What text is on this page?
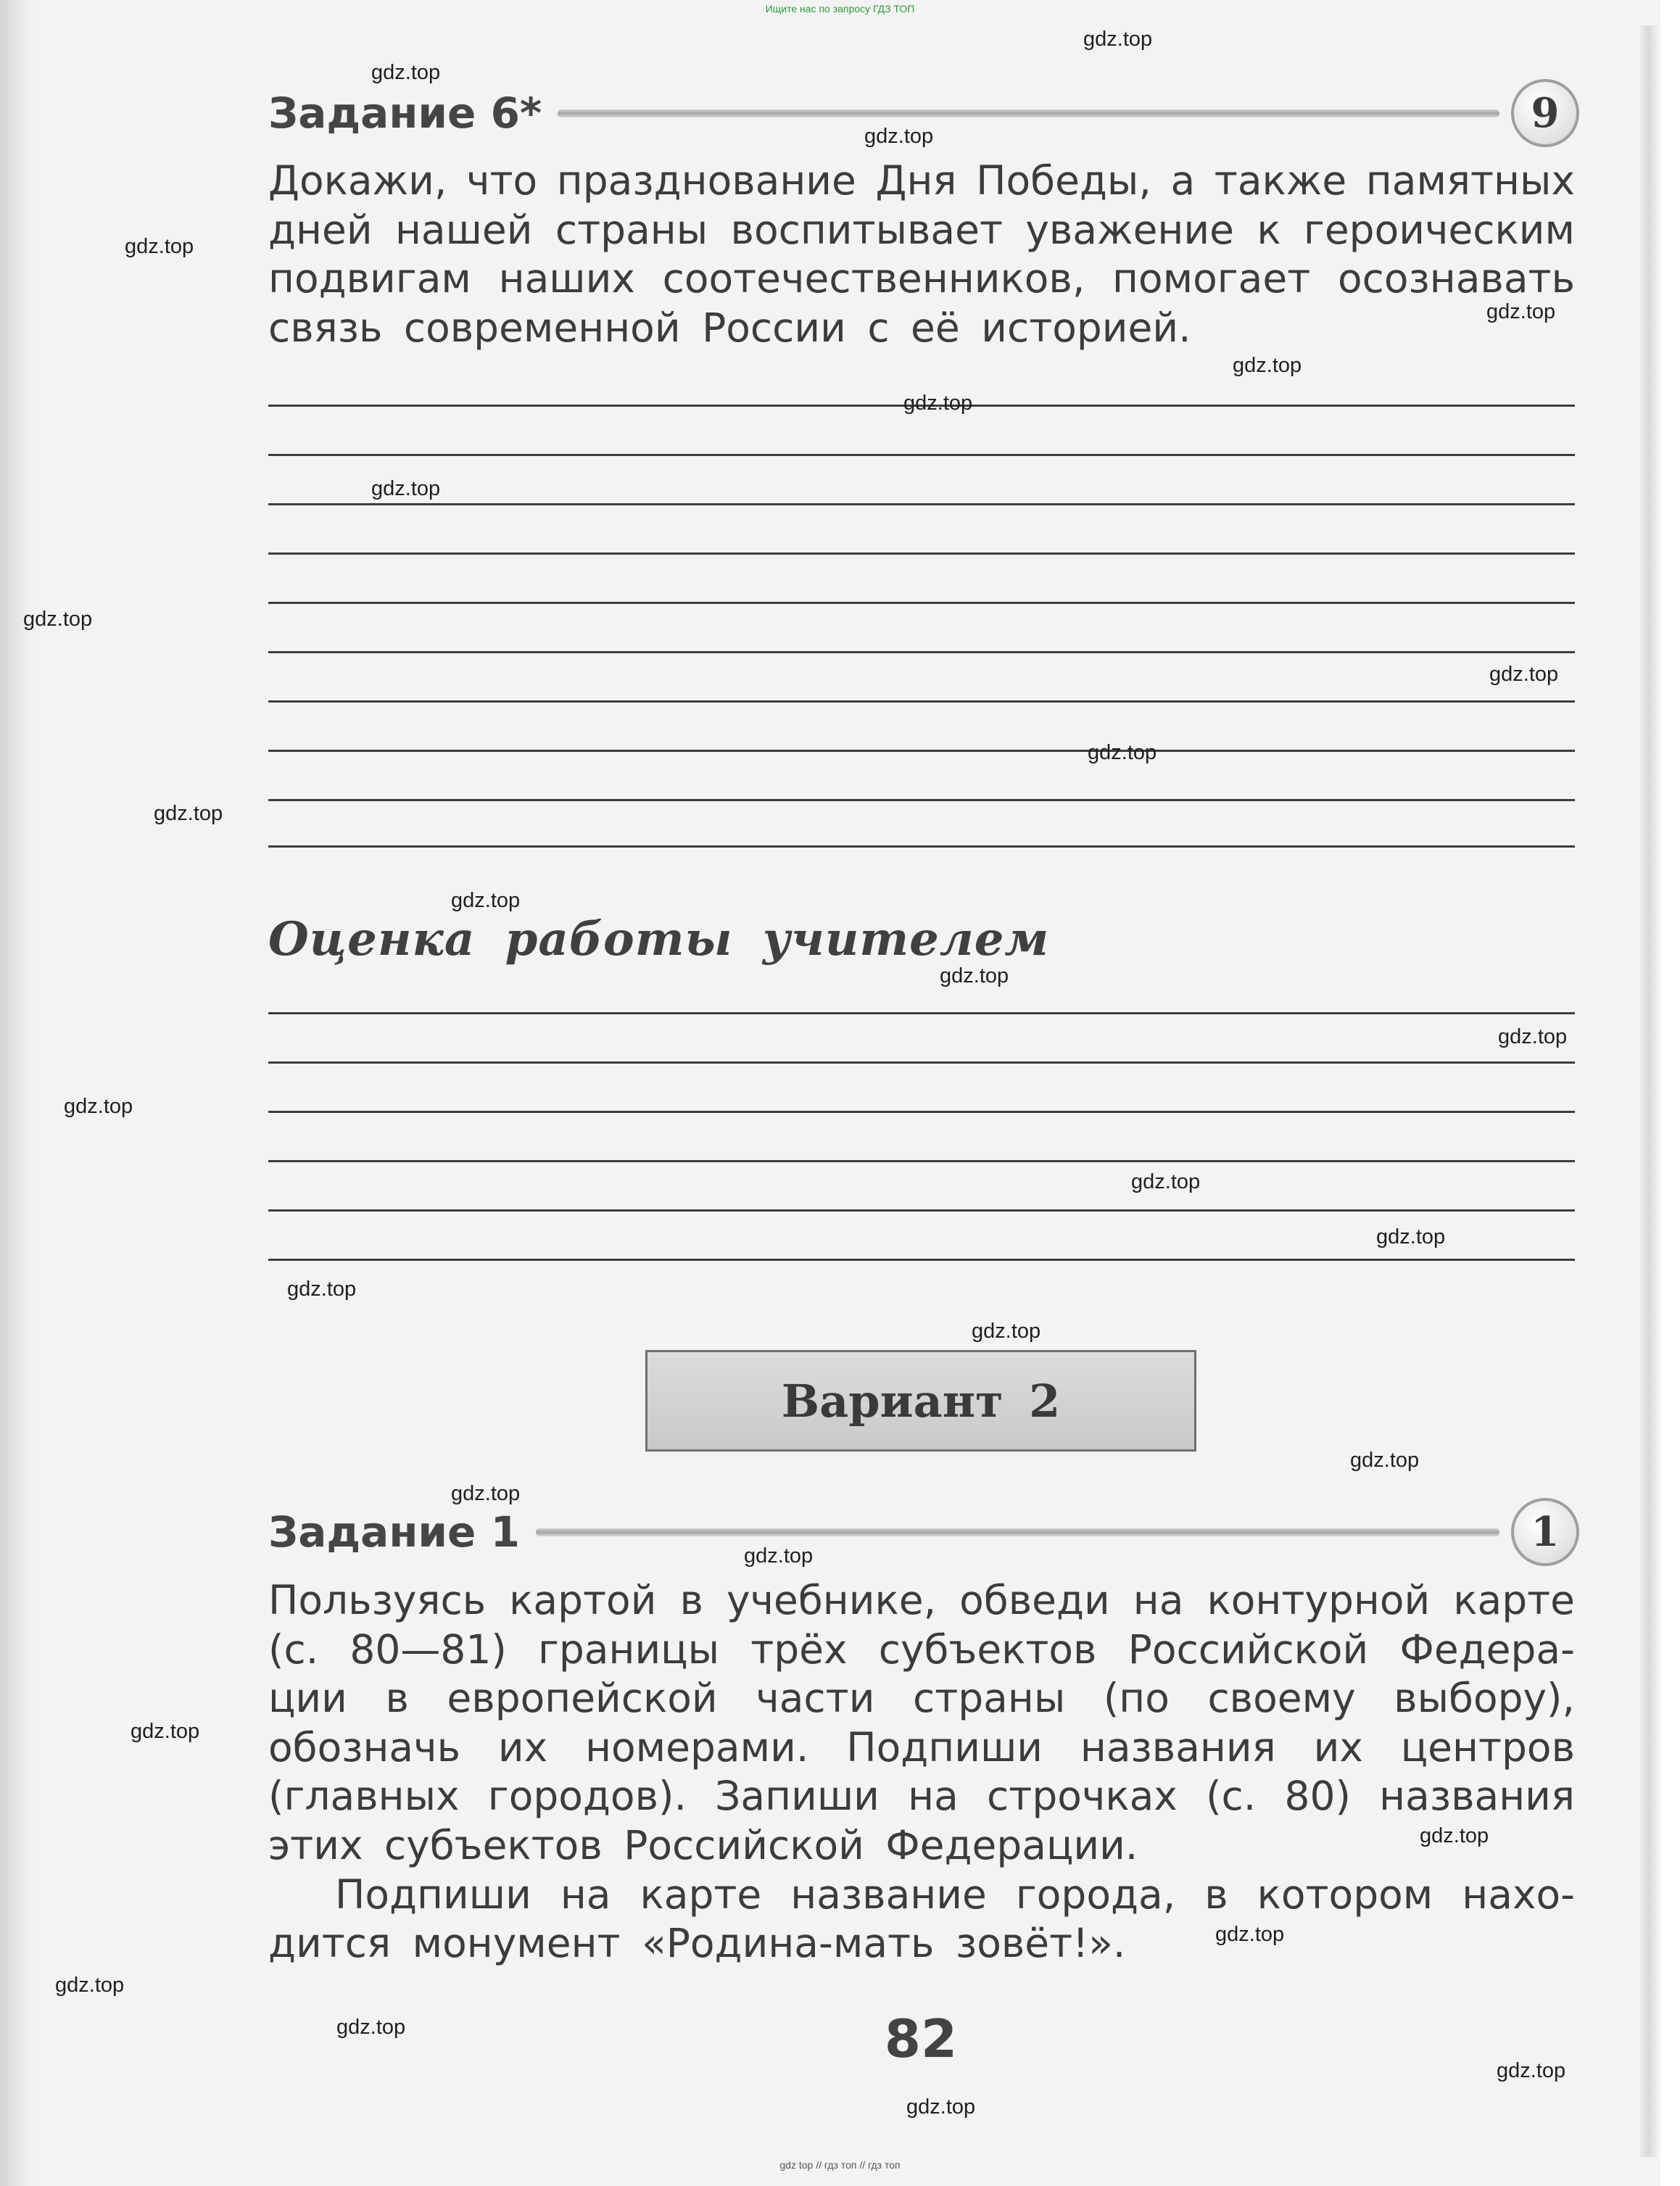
Ищите нас по запросу ГДЗ ТОП
Задание 6*	9
Докажи, что празднование Дня Победы, а также памятных
дней нашей страны воспитывает уважение к героическим
подвигам наших соотечественников, помогает осознавать
связь современной России с её историей.
Оценка работы учителем
Вариант 2
Задание 1	1
Пользуясь картой в учебнике, обведи на контурной карте
(с. 80—81) границы трёх субъектов Российской Федера-
ции в европейской части страны (по своему выбору),
обозначь их номерами. Подпиши названия их центров
(главных городов). Запиши на строчках (с. 80) названия
этих субъектов Российской Федерации.
Подпиши на карте название города, в котором нахо-
дится монумент «Родина-мать зовёт!».
82
gdz.top
gdz.top
gdz.top
gdz.top
gdz.top
gdz.top
gdz.top
gdz.top
gdz.top
gdz.top
gdz.top
gdz.top
gdz.top
gdz.top
gdz.top
gdz.top
gdz.top
gdz.top
gdz.top
gdz.top
gdz.top
gdz.top
gdz.top
gdz.top
gdz.top
gdz.top
gdz.top
gdz.top
gdz.top
gdz.top
gdz top // гдз топ // гдз топ
